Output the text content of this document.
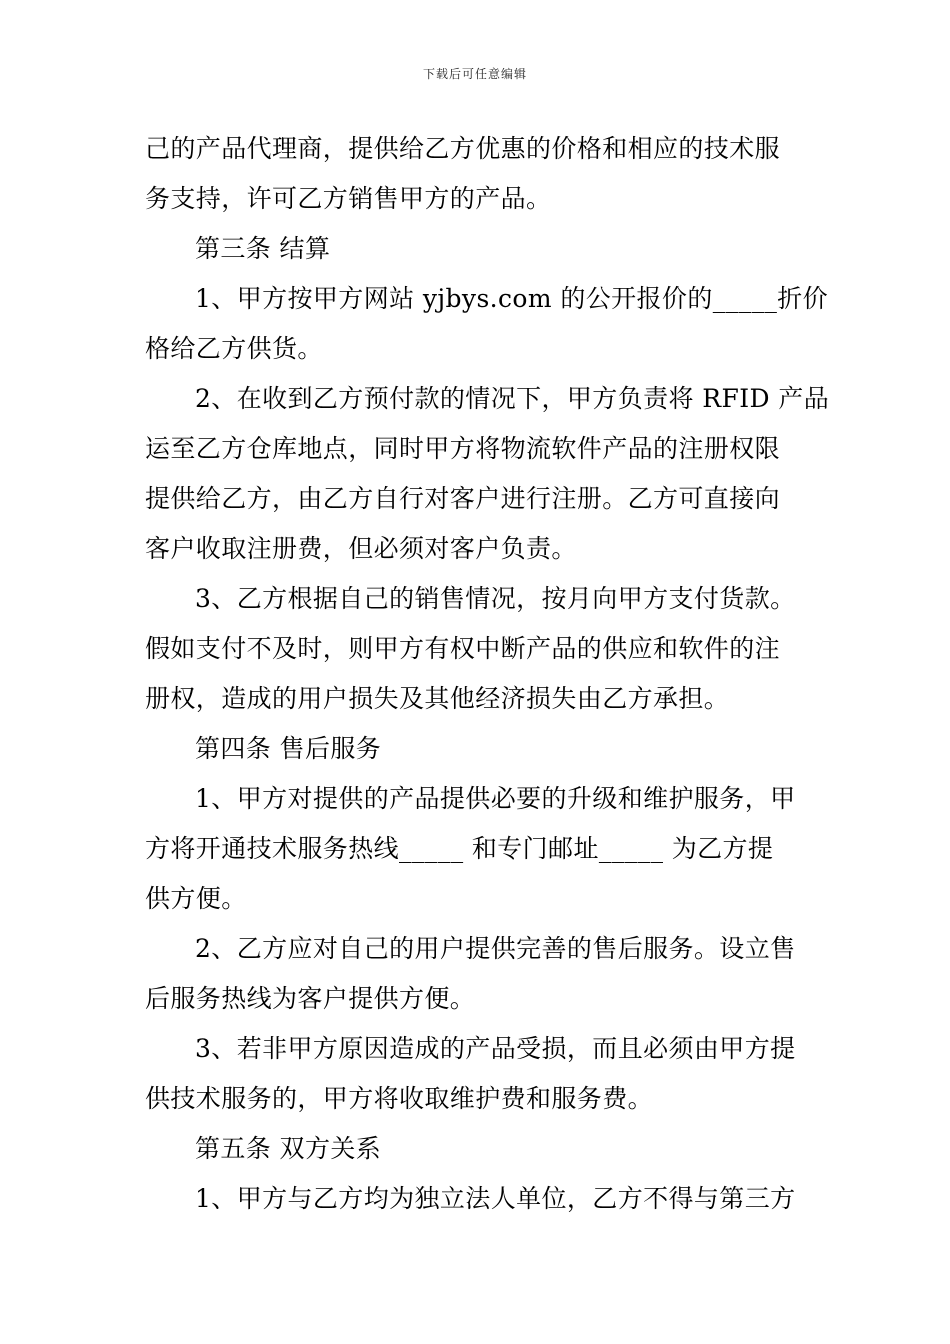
下载后可任意编辑
己的产品代理商，提供给乙方优惠的价格和相应的技术服
务支持，许可乙方销售甲方的产品。
第三条 结算
1、甲方按甲方网站 yjbys.com 的公开报价的_____折价
格给乙方供货。
2、在收到乙方预付款的情况下，甲方负责将 RFID 产品
运至乙方仓库地点，同时甲方将物流软件产品的注册权限
提供给乙方，由乙方自行对客户进行注册。乙方可直接向
客户收取注册费，但必须对客户负责。
3、乙方根据自己的销售情况，按月向甲方支付货款。
假如支付不及时，则甲方有权中断产品的供应和软件的注
册权，造成的用户损失及其他经济损失由乙方承担。
第四条 售后服务
1、甲方对提供的产品提供必要的升级和维护服务，甲
方将开通技术服务热线_____ 和专门邮址_____ 为乙方提
供方便。
2、乙方应对自己的用户提供完善的售后服务。设立售
后服务热线为客户提供方便。
3、若非甲方原因造成的产品受损，而且必须由甲方提
供技术服务的，甲方将收取维护费和服务费。
第五条 双方关系
1、甲方与乙方均为独立法人单位，乙方不得与第三方
